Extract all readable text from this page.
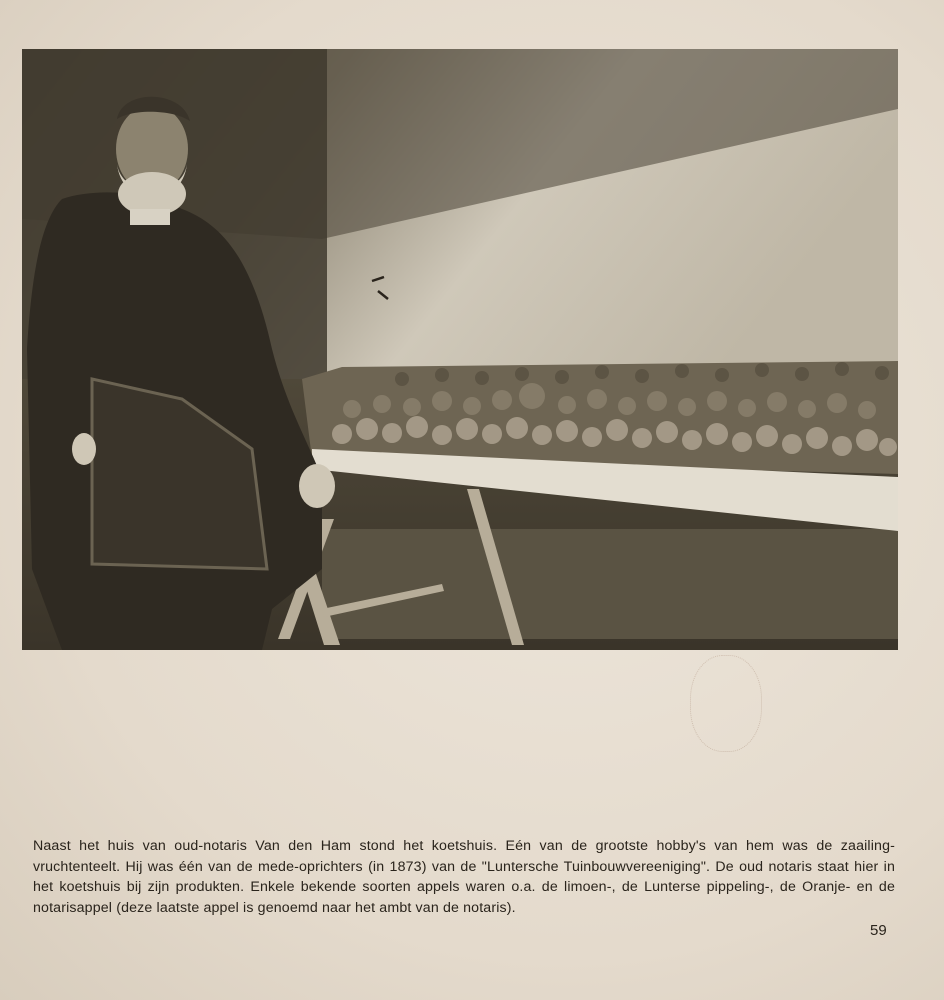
Naast het huis van oud-notaris Van den Ham stond het koetshuis. Eén van de grootste hobby's van hem was de zaailing-vruchtenteelt. Hij was één van de mede-oprichters (in 1873) van de "Luntersche Tuinbouwvereeniging". De oud notaris staat hier in het koetshuis bij zijn produkten. Enkele bekende soorten appels waren o.a. de limoen-, de Lunterse pippeling-, de Oranje- en de notarisappel (deze laatste appel is genoemd naar het ambt van de notaris).

59
